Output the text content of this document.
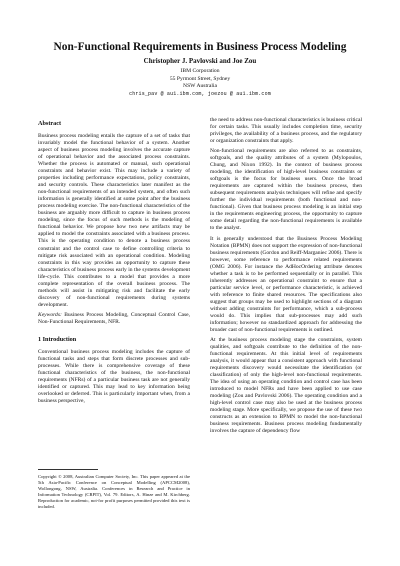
Non-Functional Requirements in Business Process Modeling
Christopher J. Pavlovski and Joe Zou
IBM Corporation
55 Pyrmont Street, Sydney
NSW Australia
chris_pav @ au1.ibm.com, joezou @ au1.ibm.com
Abstract

Business process modeling entails the capture of a set of tasks that invariably model the functional behavior of a system. Another aspect of business process modeling involves the accurate capture of operational behavior and the associated process constraints. Whether the process is automated or manual, such operational constraints and behavior exist. This may include a variety of properties including performance expectations, policy constraints, and security controls. These characteristics later manifest as the non-functional requirements of an intended system, and often such information is generally identified at some point after the business process modeling exercise. The non-functional characteristics of the business are arguably more difficult to capture in business process modeling, since the focus of such methods is the modeling of functional behavior. We propose how two new artifacts may be applied to model the constraints associated with a business process. This is the operating condition to denote a business process constraint and the control case to define controlling criteria to mitigate risk associated with an operational condition. Modeling constraints in this way provides an opportunity to capture these characteristics of business process early in the systems development life-cycle. This contributes to a model that provides a more complete representation of the overall business process. The methods will assist in mitigating risk and facilitate the early discovery of non-functional requirements during systems development.

Keywords: Business Process Modeling, Conceptual Control Case, Non-Functional Requirements, NFR.

1 Introduction

Conventional business process modeling includes the capture of functional tasks and steps that form discrete processes and sub-processes. While there is comprehensive coverage of these functional characteristics of the business, the non-functional requirements (NFRs) of a particular business task are not generally identified or captured. This may lead to key information being overlooked or deferred. This is particularly important when, from a business perspective,

Copyright © 2008, Australian Computer Society, Inc. This paper appeared at the 5th Asia-Pacific Conference on Conceptual Modelling (APCCM2008), Wollongong, NSW, Australia. Conferences in Research and Practice in Information Technology (CRPIT), Vol. 79. Editors, A. Hinze and M. Kirchberg. Reproduction for academic, not-for profit purposes permitted provided this text is included.

the need to address non-functional characteristics is business critical for certain tasks. This usually includes completion time, security privileges, the availability of a business process, and the regulatory or organization constraints that apply.

Non-functional requirements are also referred to as constraints, softgoals, and the quality attributes of a system (Mylopoulos, Chung, and Nixon 1992). In the context of business process modeling, the identification of high-level business constraints or softgoals is the focus for business users. Once the broad requirements are captured within the business process, then subsequent requirements analysis techniques will refine and specify further the individual requirements (both functional and non-functional). Given that business process modeling is an initial step in the requirements engineering process, the opportunity to capture some detail regarding the non-functional requirements is available to the analyst.

It is generally understood that the Business Process Modeling Notation (BPMN) does not support the expression of non-functional business requirements (Gordon and Reiff-Marganiec 2006). There is however, some reference to performance related requirements (OMG 2006). For instance the AdHocOrdering attribute denotes whether a task is to be performed sequentially or in parallel. This inherently addresses an operational constraint to ensure that a particular service level, or performance characteristic, is achieved with reference to finite shared resources. The specifications also suggest that groups may be used to highlight sections of a diagram without adding constraints for performance, which a sub-process would do. This implies that sub-processes may add such information; however no standardized approach for addressing the broader cast of non-functional requirements is outlined.

At the business process modeling stage the constraints, system qualities, and softgoals contribute to the definition of the non-functional requirements. At this initial level of requirements analysis, it would appear that a consistent approach with functional requirements discovery would necessitate the identification (or classification) of only the high-level non-functional requirements. The idea of using an operating condition and control case has been introduced to model NFRs and have been applied to use case modeling (Zou and Pavlovski 2006). The operating condition and a high-level control case may also be used at the business process modeling stage. More specifically, we propose the use of these two constructs as an extension to BPMN to model the non-functional business requirements. Business process modeling fundamentally involves the capture of dependency flow
